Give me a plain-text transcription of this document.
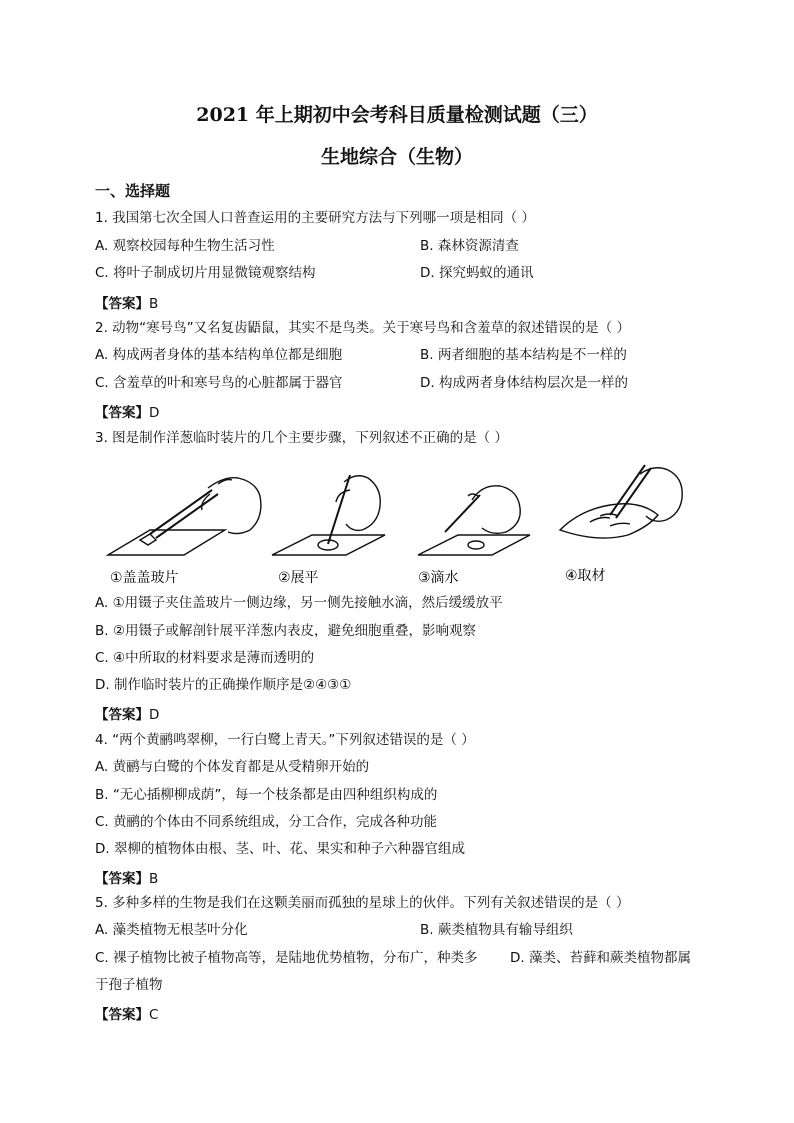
2021 年上期初中会考科目质量检测试题（三）
生地综合（生物）
一、选择题
1. 我国第七次全国人口普查运用的主要研究方法与下列哪一项是相同（ ）
A. 观察校园每种生物生活习性	B. 森林资源清查
C. 将叶子制成切片用显微镜观察结构	D. 探究蚂蚁的通讯
【答案】B
2. 动物“寒号鸟”又名复齿鼯鼠，其实不是鸟类。关于寒号鸟和含羞草的叙述错误的是（ ）
A. 构成两者身体的基本结构单位都是细胞	B. 两者细胞的基本结构是不一样的
C. 含羞草的叶和寒号鸟的心脏都属于器官	D. 构成两者身体结构层次是一样的
【答案】D
3. 图是制作洋葱临时装片的几个主要步骤，下列叙述不正确的是（ ）
①盖盖玻片	②展平	③滴水	④取材
A. ①用镊子夹住盖玻片一侧边缘，另一侧先接触水滴，然后缓缓放平
B. ②用镊子或解剖针展平洋葱内表皮，避免细胞重叠，影响观察
C. ④中所取的材料要求是薄而透明的
D. 制作临时装片的正确操作顺序是②④③①
【答案】D
4. “两个黄鹂鸣翠柳，一行白鹭上青天。”下列叙述错误的是（ ）
A. 黄鹂与白鹭的个体发育都是从受精卵开始的
B. “无心插柳柳成荫”，每一个枝条都是由四种组织构成的
C. 黄鹂的个体由不同系统组成，分工合作，完成各种功能
D. 翠柳的植物体由根、茎、叶、花、果实和种子六种器官组成
【答案】B
5. 多种多样的生物是我们在这颗美丽而孤独的星球上的伙伴。下列有关叙述错误的是（ ）
A. 藻类植物无根茎叶分化	B. 蕨类植物具有输导组织
C. 裸子植物比被子植物高等，是陆地优势植物，分布广，种类多 D. 藻类、苔藓和蕨类植物都属
于孢子植物
【答案】C
